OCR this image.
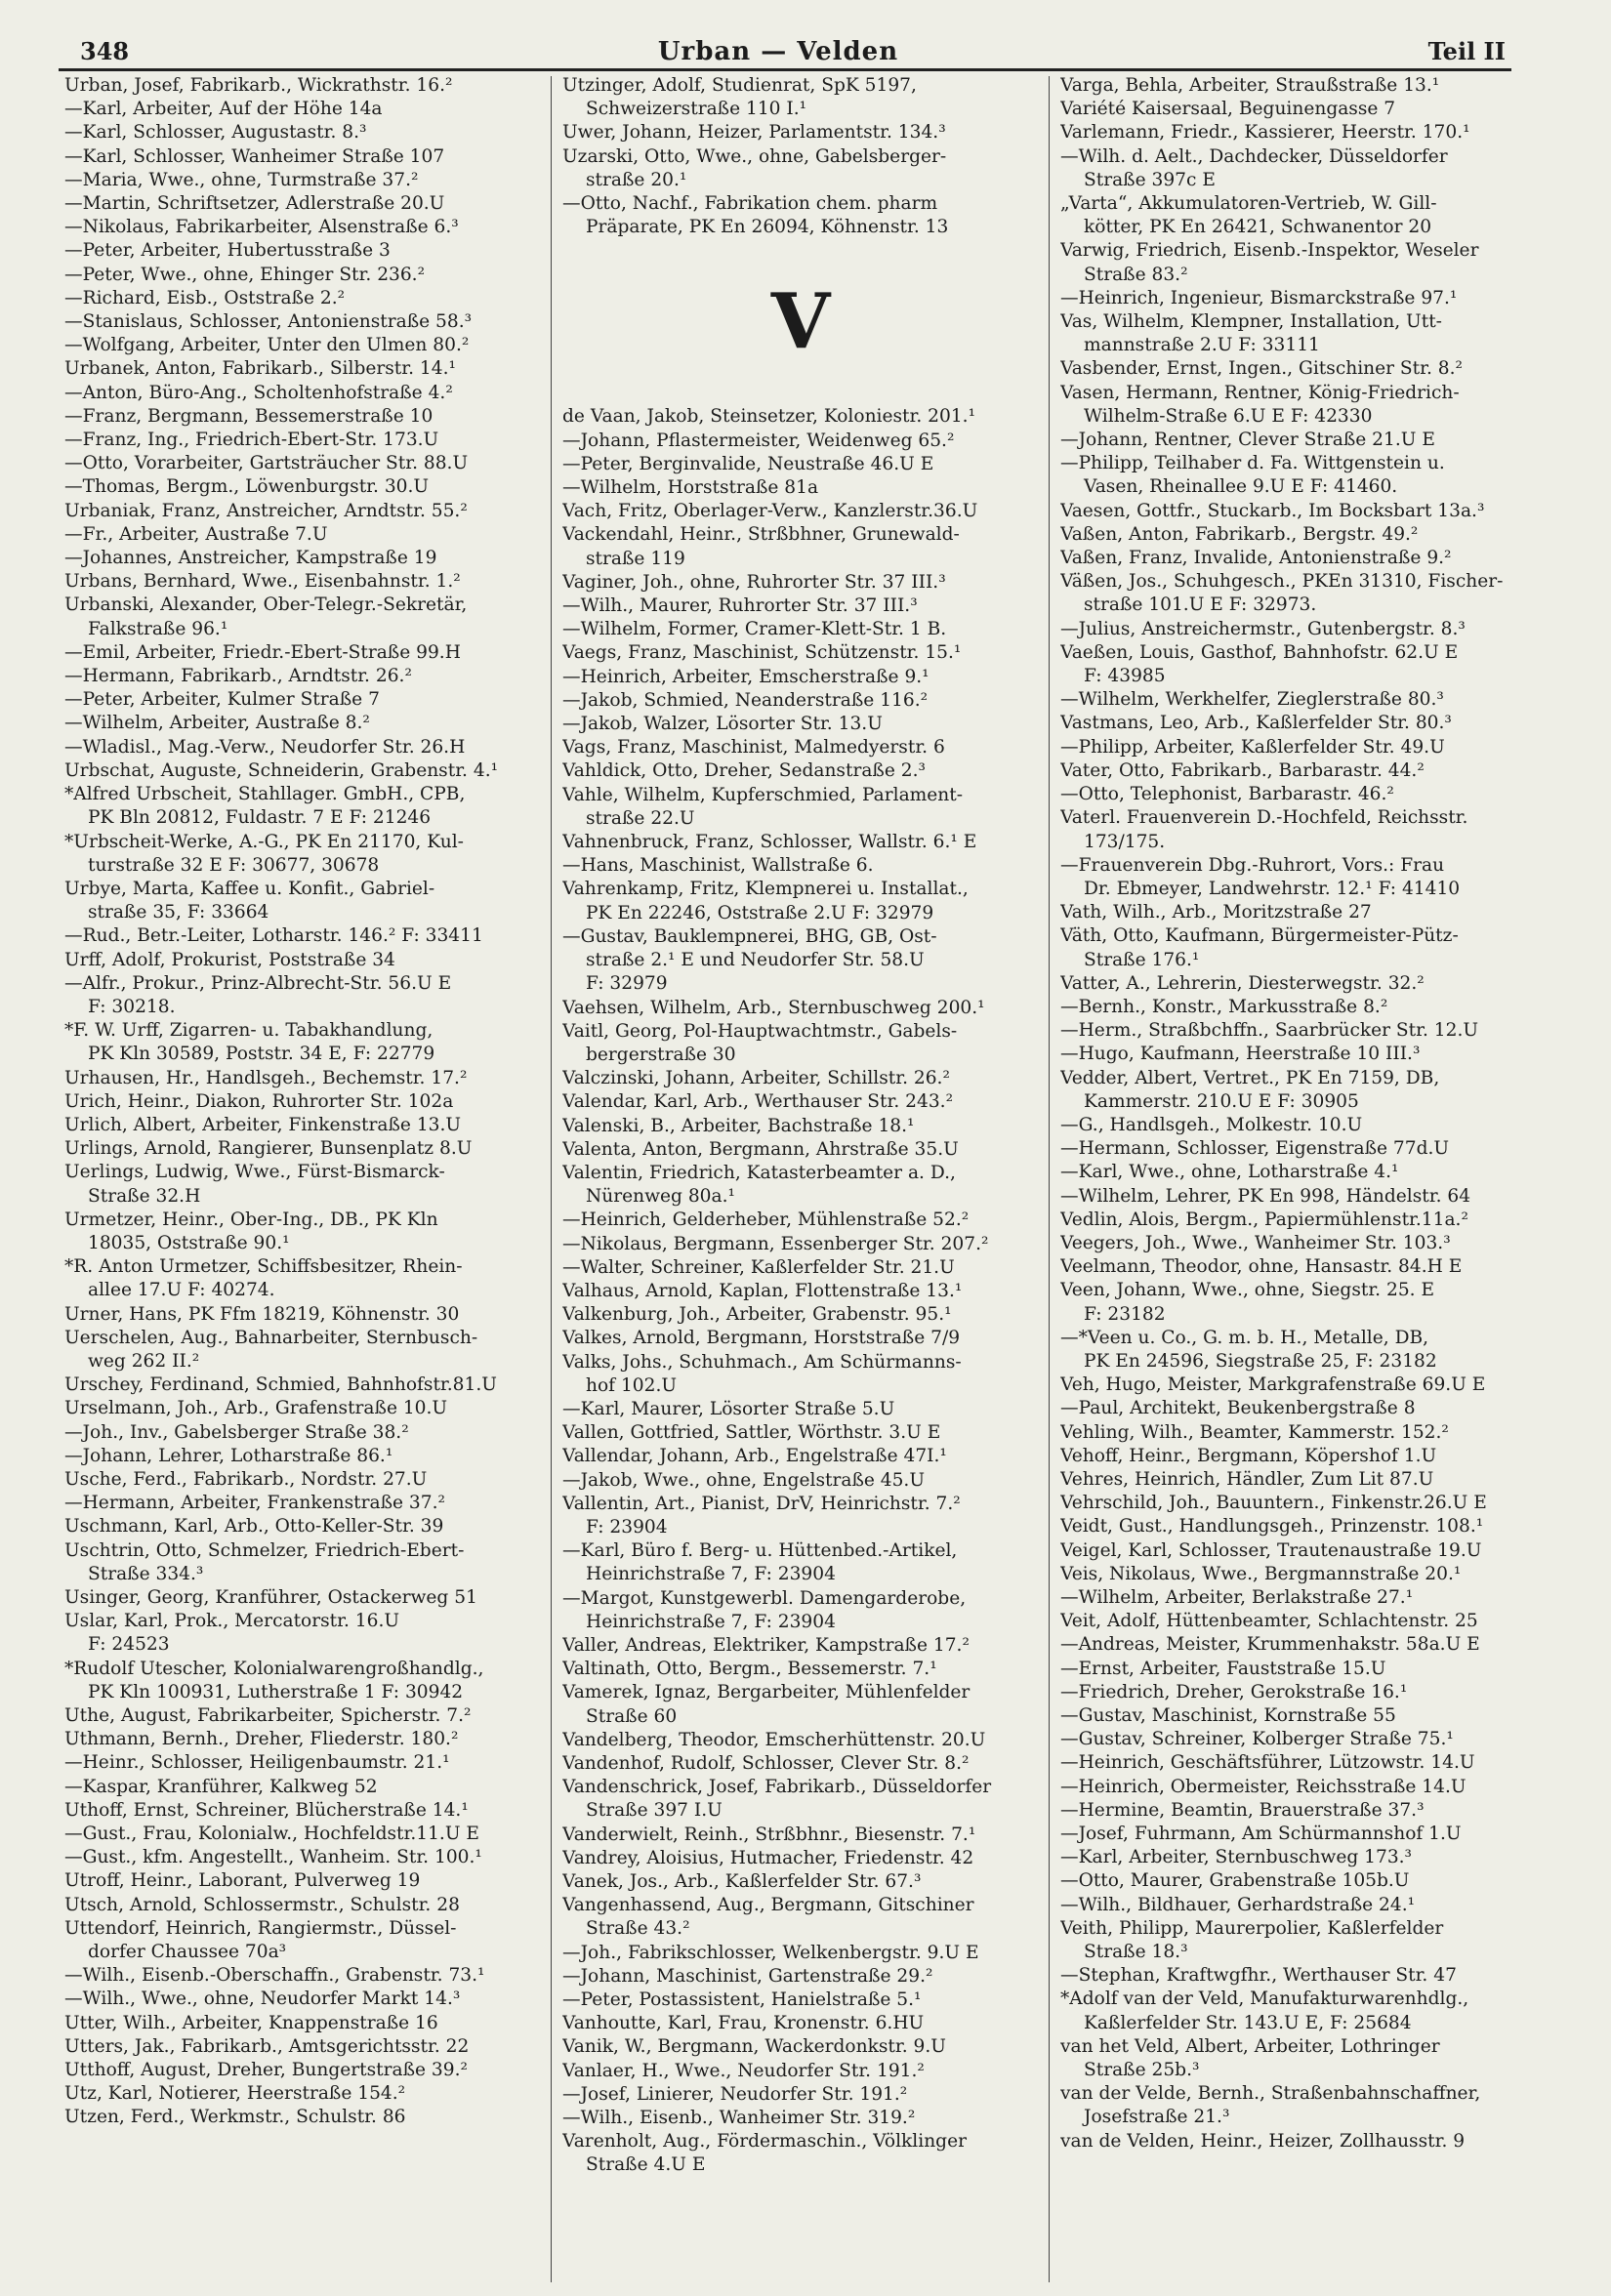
348	Urban — Velden	Teil II

Urban, Josef, Fabrikarb., Wickrathstr. 16.²

—Karl, Arbeiter, Auf der Höhe 14a

—Karl, Schlosser, Augustastr. 8.³

—Karl, Schlosser, Wanheimer Straße 107

—Maria, Wwe., ohne, Turmstraße 37.²

—Martin, Schriftsetzer, Adlerstraße 20.U

—Nikolaus, Fabrikarbeiter, Alsenstraße 6.³

—Peter, Arbeiter, Hubertusstraße 3

—Peter, Wwe., ohne, Ehinger Str. 236.²

—Richard, Eisb., Oststraße 2.²

—Stanislaus, Schlosser, Antonienstraße 58.³

—Wolfgang, Arbeiter, Unter den Ulmen 80.²

Urbanek, Anton, Fabrikarb., Silberstr. 14.¹

—Anton, Büro-Ang., Scholtenhofstraße 4.²

—Franz, Bergmann, Bessemerstraße 10

—Franz, Ing., Friedrich-Ebert-Str. 173.U

—Otto, Vorarbeiter, Gartsträucher Str. 88.U

—Thomas, Bergm., Löwenburgstr. 30.U

Urbaniak, Franz, Anstreicher, Arndtstr. 55.²

—Fr., Arbeiter, Austraße 7.U

—Johannes, Anstreicher, Kampstraße 19

Urbans, Bernhard, Wwe., Eisenbahnstr. 1.²

Urbanski, Alexander, Ober-Telegr.-Sekretär,

Falkstraße 96.¹

—Emil, Arbeiter, Friedr.-Ebert-Straße 99.H

—Hermann, Fabrikarb., Arndtstr. 26.²

—Peter, Arbeiter, Kulmer Straße 7

—Wilhelm, Arbeiter, Austraße 8.²

—Wladisl., Mag.-Verw., Neudorfer Str. 26.H

Urbschat, Auguste, Schneiderin, Grabenstr. 4.¹

*Alfred Urbscheit, Stahllager. GmbH., CPB,

PK Bln 20812, Fuldastr. 7 E F: 21246

*Urbscheit-Werke, A.-G., PK En 21170, Kul-

turstraße 32 E F: 30677, 30678

Urbye, Marta, Kaffee u. Konfit., Gabriel-

straße 35, F: 33664

—Rud., Betr.-Leiter, Lotharstr. 146.² F: 33411

Urff, Adolf, Prokurist, Poststraße 34

—Alfr., Prokur., Prinz-Albrecht-Str. 56.U E

F: 30218.

*F. W. Urff, Zigarren- u. Tabakhandlung,

PK Kln 30589, Poststr. 34 E, F: 22779

Urhausen, Hr., Handlsgeh., Bechemstr. 17.²

Urich, Heinr., Diakon, Ruhrorter Str. 102a

Urlich, Albert, Arbeiter, Finkenstraße 13.U

Urlings, Arnold, Rangierer, Bunsenplatz 8.U

Uerlings, Ludwig, Wwe., Fürst-Bismarck-

Straße 32.H

Urmetzer, Heinr., Ober-Ing., DB., PK Kln

18035, Oststraße 90.¹

*R. Anton Urmetzer, Schiffsbesitzer, Rhein-

allee 17.U F: 40274.

Urner, Hans, PK Ffm 18219, Köhnenstr. 30

Uerschelen, Aug., Bahnarbeiter, Sternbusch-

weg 262 II.²

Urschey, Ferdinand, Schmied, Bahnhofstr.81.U

Urselmann, Joh., Arb., Grafenstraße 10.U

—Joh., Inv., Gabelsberger Straße 38.²

—Johann, Lehrer, Lotharstraße 86.¹

Usche, Ferd., Fabrikarb., Nordstr. 27.U

—Hermann, Arbeiter, Frankenstraße 37.²

Uschmann, Karl, Arb., Otto-Keller-Str. 39

Uschtrin, Otto, Schmelzer, Friedrich-Ebert-

Straße 334.³

Usinger, Georg, Kranführer, Ostackerweg 51

Uslar, Karl, Prok., Mercatorstr. 16.U

F: 24523

*Rudolf Utescher, Kolonialwarengroßhandlg.,

PK Kln 100931, Lutherstraße 1 F: 30942

Uthe, August, Fabrikarbeiter, Spicherstr. 7.²

Uthmann, Bernh., Dreher, Fliederstr. 180.²

—Heinr., Schlosser, Heiligenbaumstr. 21.¹

—Kaspar, Kranführer, Kalkweg 52

Uthoff, Ernst, Schreiner, Blücherstraße 14.¹

—Gust., Frau, Kolonialw., Hochfeldstr.11.U E

—Gust., kfm. Angestellt., Wanheim. Str. 100.¹

Utroff, Heinr., Laborant, Pulverweg 19

Utsch, Arnold, Schlossermstr., Schulstr. 28

Uttendorf, Heinrich, Rangiermstr., Düssel-

dorfer Chaussee 70a³

—Wilh., Eisenb.-Oberschaffn., Grabenstr. 73.¹

—Wilh., Wwe., ohne, Neudorfer Markt 14.³

Utter, Wilh., Arbeiter, Knappenstraße 16

Utters, Jak., Fabrikarb., Amtsgerichtsstr. 22

Utthoff, August, Dreher, Bungertstraße 39.²

Utz, Karl, Notierer, Heerstraße 154.²

Utzen, Ferd., Werkmstr., Schulstr. 86

Utzinger, Adolf, Studienrat, SpK 5197,

Schweizerstraße 110 I.¹

Uwer, Johann, Heizer, Parlamentstr. 134.³

Uzarski, Otto, Wwe., ohne, Gabelsberger-

straße 20.¹

—Otto, Nachf., Fabrikation chem. pharm

Präparate, PK En 26094, Köhnenstr. 13

V

de Vaan, Jakob, Steinsetzer, Koloniestr. 201.¹

—Johann, Pflastermeister, Weidenweg 65.²

—Peter, Berginvalide, Neustraße 46.U E

—Wilhelm, Horststraße 81a

Vach, Fritz, Oberlager-Verw., Kanzlerstr.36.U

Vackendahl, Heinr., Strßbhner, Grunewald-

straße 119

Vaginer, Joh., ohne, Ruhrorter Str. 37 III.³

—Wilh., Maurer, Ruhrorter Str. 37 III.³

—Wilhelm, Former, Cramer-Klett-Str. 1 B.

Vaegs, Franz, Maschinist, Schützenstr. 15.¹

—Heinrich, Arbeiter, Emscherstraße 9.¹

—Jakob, Schmied, Neanderstraße 116.²

—Jakob, Walzer, Lösorter Str. 13.U

Vags, Franz, Maschinist, Malmedyerstr. 6

Vahldick, Otto, Dreher, Sedanstraße 2.³

Vahle, Wilhelm, Kupferschmied, Parlament-

straße 22.U

Vahnenbruck, Franz, Schlosser, Wallstr. 6.¹ E

—Hans, Maschinist, Wallstraße 6.

Vahrenkamp, Fritz, Klempnerei u. Installat.,

PK En 22246, Oststraße 2.U F: 32979

—Gustav, Bauklempnerei, BHG, GB, Ost-

straße 2.¹ E und Neudorfer Str. 58.U

F: 32979

Vaehsen, Wilhelm, Arb., Sternbuschweg 200.¹

Vaitl, Georg, Pol-Hauptwachtmstr., Gabels-

bergerstraße 30

Valczinski, Johann, Arbeiter, Schillstr. 26.²

Valendar, Karl, Arb., Werthauser Str. 243.²

Valenski, B., Arbeiter, Bachstraße 18.¹

Valenta, Anton, Bergmann, Ahrstraße 35.U

Valentin, Friedrich, Katasterbeamter a. D.,

Nürenweg 80a.¹

—Heinrich, Gelderheber, Mühlenstraße 52.²

—Nikolaus, Bergmann, Essenberger Str. 207.²

—Walter, Schreiner, Kaßlerfelder Str. 21.U

Valhaus, Arnold, Kaplan, Flottenstraße 13.¹

Valkenburg, Joh., Arbeiter, Grabenstr. 95.¹

Valkes, Arnold, Bergmann, Horststraße 7/9

Valks, Johs., Schuhmach., Am Schürmanns-

hof 102.U

—Karl, Maurer, Lösorter Straße 5.U

Vallen, Gottfried, Sattler, Wörthstr. 3.U E

Vallendar, Johann, Arb., Engelstraße 47I.¹

—Jakob, Wwe., ohne, Engelstraße 45.U

Vallentin, Art., Pianist, DrV, Heinrichstr. 7.²

F: 23904

—Karl, Büro f. Berg- u. Hüttenbed.-Artikel,

Heinrichstraße 7, F: 23904

—Margot, Kunstgewerbl. Damengarderobe,

Heinrichstraße 7, F: 23904

Valler, Andreas, Elektriker, Kampstraße 17.²

Valtinath, Otto, Bergm., Bessemerstr. 7.¹

Vamerek, Ignaz, Bergarbeiter, Mühlenfelder

Straße 60

Vandelberg, Theodor, Emscherhüttenstr. 20.U

Vandenhof, Rudolf, Schlosser, Clever Str. 8.²

Vandenschrick, Josef, Fabrikarb., Düsseldorfer

Straße 397 I.U

Vanderwielt, Reinh., Strßbhnr., Biesenstr. 7.¹

Vandrey, Aloisius, Hutmacher, Friedenstr. 42

Vanek, Jos., Arb., Kaßlerfelder Str. 67.³

Vangenhassend, Aug., Bergmann, Gitschiner

Straße 43.²

—Joh., Fabrikschlosser, Welkenbergstr. 9.U E

—Johann, Maschinist, Gartenstraße 29.²

—Peter, Postassistent, Hanielstraße 5.¹

Vanhoutte, Karl, Frau, Kronenstr. 6.HU

Vanik, W., Bergmann, Wackerdonkstr. 9.U

Vanlaer, H., Wwe., Neudorfer Str. 191.²

—Josef, Linierer, Neudorfer Str. 191.²

—Wilh., Eisenb., Wanheimer Str. 319.²

Varenholt, Aug., Fördermaschin., Völklinger

Straße 4.U E

Varga, Behla, Arbeiter, Straußstraße 13.¹

Variété Kaisersaal, Beguinengasse 7

Varlemann, Friedr., Kassierer, Heerstr. 170.¹

—Wilh. d. Aelt., Dachdecker, Düsseldorfer

Straße 397c E

„Varta“, Akkumulatoren-Vertrieb, W. Gill-

kötter, PK En 26421, Schwanentor 20

Varwig, Friedrich, Eisenb.-Inspektor, Weseler

Straße 83.²

—Heinrich, Ingenieur, Bismarckstraße 97.¹

Vas, Wilhelm, Klempner, Installation, Utt-

mannstraße 2.U F: 33111

Vasbender, Ernst, Ingen., Gitschiner Str. 8.²

Vasen, Hermann, Rentner, König-Friedrich-

Wilhelm-Straße 6.U E F: 42330

—Johann, Rentner, Clever Straße 21.U E

—Philipp, Teilhaber d. Fa. Wittgenstein u.

Vasen, Rheinallee 9.U E F: 41460.

Vaesen, Gottfr., Stuckarb., Im Bocksbart 13a.³

Vaßen, Anton, Fabrikarb., Bergstr. 49.²

Vaßen, Franz, Invalide, Antonienstraße 9.²

Väßen, Jos., Schuhgesch., PKEn 31310, Fischer-

straße 101.U E F: 32973.

—Julius, Anstreichermstr., Gutenbergstr. 8.³

Vaeßen, Louis, Gasthof, Bahnhofstr. 62.U E

F: 43985

—Wilhelm, Werkhelfer, Zieglerstraße 80.³

Vastmans, Leo, Arb., Kaßlerfelder Str. 80.³

—Philipp, Arbeiter, Kaßlerfelder Str. 49.U

Vater, Otto, Fabrikarb., Barbarastr. 44.²

—Otto, Telephonist, Barbarastr. 46.²

Vaterl. Frauenverein D.-Hochfeld, Reichsstr.

173/175.

—Frauenverein Dbg.-Ruhrort, Vors.: Frau

Dr. Ebmeyer, Landwehrstr. 12.¹ F: 41410

Vath, Wilh., Arb., Moritzstraße 27

Väth, Otto, Kaufmann, Bürgermeister-Pütz-

Straße 176.¹

Vatter, A., Lehrerin, Diesterwegstr. 32.²

—Bernh., Konstr., Markusstraße 8.²

—Herm., Straßbchffn., Saarbrücker Str. 12.U

—Hugo, Kaufmann, Heerstraße 10 III.³

Vedder, Albert, Vertret., PK En 7159, DB,

Kammerstr. 210.U E F: 30905

—G., Handlsgeh., Molkestr. 10.U

—Hermann, Schlosser, Eigenstraße 77d.U

—Karl, Wwe., ohne, Lotharstraße 4.¹

—Wilhelm, Lehrer, PK En 998, Händelstr. 64

Vedlin, Alois, Bergm., Papiermühlenstr.11a.²

Veegers, Joh., Wwe., Wanheimer Str. 103.³

Veelmann, Theodor, ohne, Hansastr. 84.H E

Veen, Johann, Wwe., ohne, Siegstr. 25. E

F: 23182

—*Veen u. Co., G. m. b. H., Metalle, DB,

PK En 24596, Siegstraße 25, F: 23182

Veh, Hugo, Meister, Markgrafenstraße 69.U E

—Paul, Architekt, Beukenbergstraße 8

Vehling, Wilh., Beamter, Kammerstr. 152.²

Vehoff, Heinr., Bergmann, Köpershof 1.U

Vehres, Heinrich, Händler, Zum Lit 87.U

Vehrschild, Joh., Bauuntern., Finkenstr.26.U E

Veidt, Gust., Handlungsgeh., Prinzenstr. 108.¹

Veigel, Karl, Schlosser, Trautenaustraße 19.U

Veis, Nikolaus, Wwe., Bergmannstraße 20.¹

—Wilhelm, Arbeiter, Berlakstraße 27.¹

Veit, Adolf, Hüttenbeamter, Schlachtenstr. 25

—Andreas, Meister, Krummenhakstr. 58a.U E

—Ernst, Arbeiter, Fauststraße 15.U

—Friedrich, Dreher, Gerokstraße 16.¹

—Gustav, Maschinist, Kornstraße 55

—Gustav, Schreiner, Kolberger Straße 75.¹

—Heinrich, Geschäftsführer, Lützowstr. 14.U

—Heinrich, Obermeister, Reichsstraße 14.U

—Hermine, Beamtin, Brauerstraße 37.³

—Josef, Fuhrmann, Am Schürmannshof 1.U

—Karl, Arbeiter, Sternbuschweg 173.³

—Otto, Maurer, Grabenstraße 105b.U

—Wilh., Bildhauer, Gerhardstraße 24.¹

Veith, Philipp, Maurerpolier, Kaßlerfelder

Straße 18.³

—Stephan, Kraftwgfhr., Werthauser Str. 47

*Adolf van der Veld, Manufakturwarenhdlg.,

Kaßlerfelder Str. 143.U E, F: 25684

van het Veld, Albert, Arbeiter, Lothringer

Straße 25b.³

van der Velde, Bernh., Straßenbahnschaffner,

Josefstraße 21.³

van de Velden, Heinr., Heizer, Zollhausstr. 9
